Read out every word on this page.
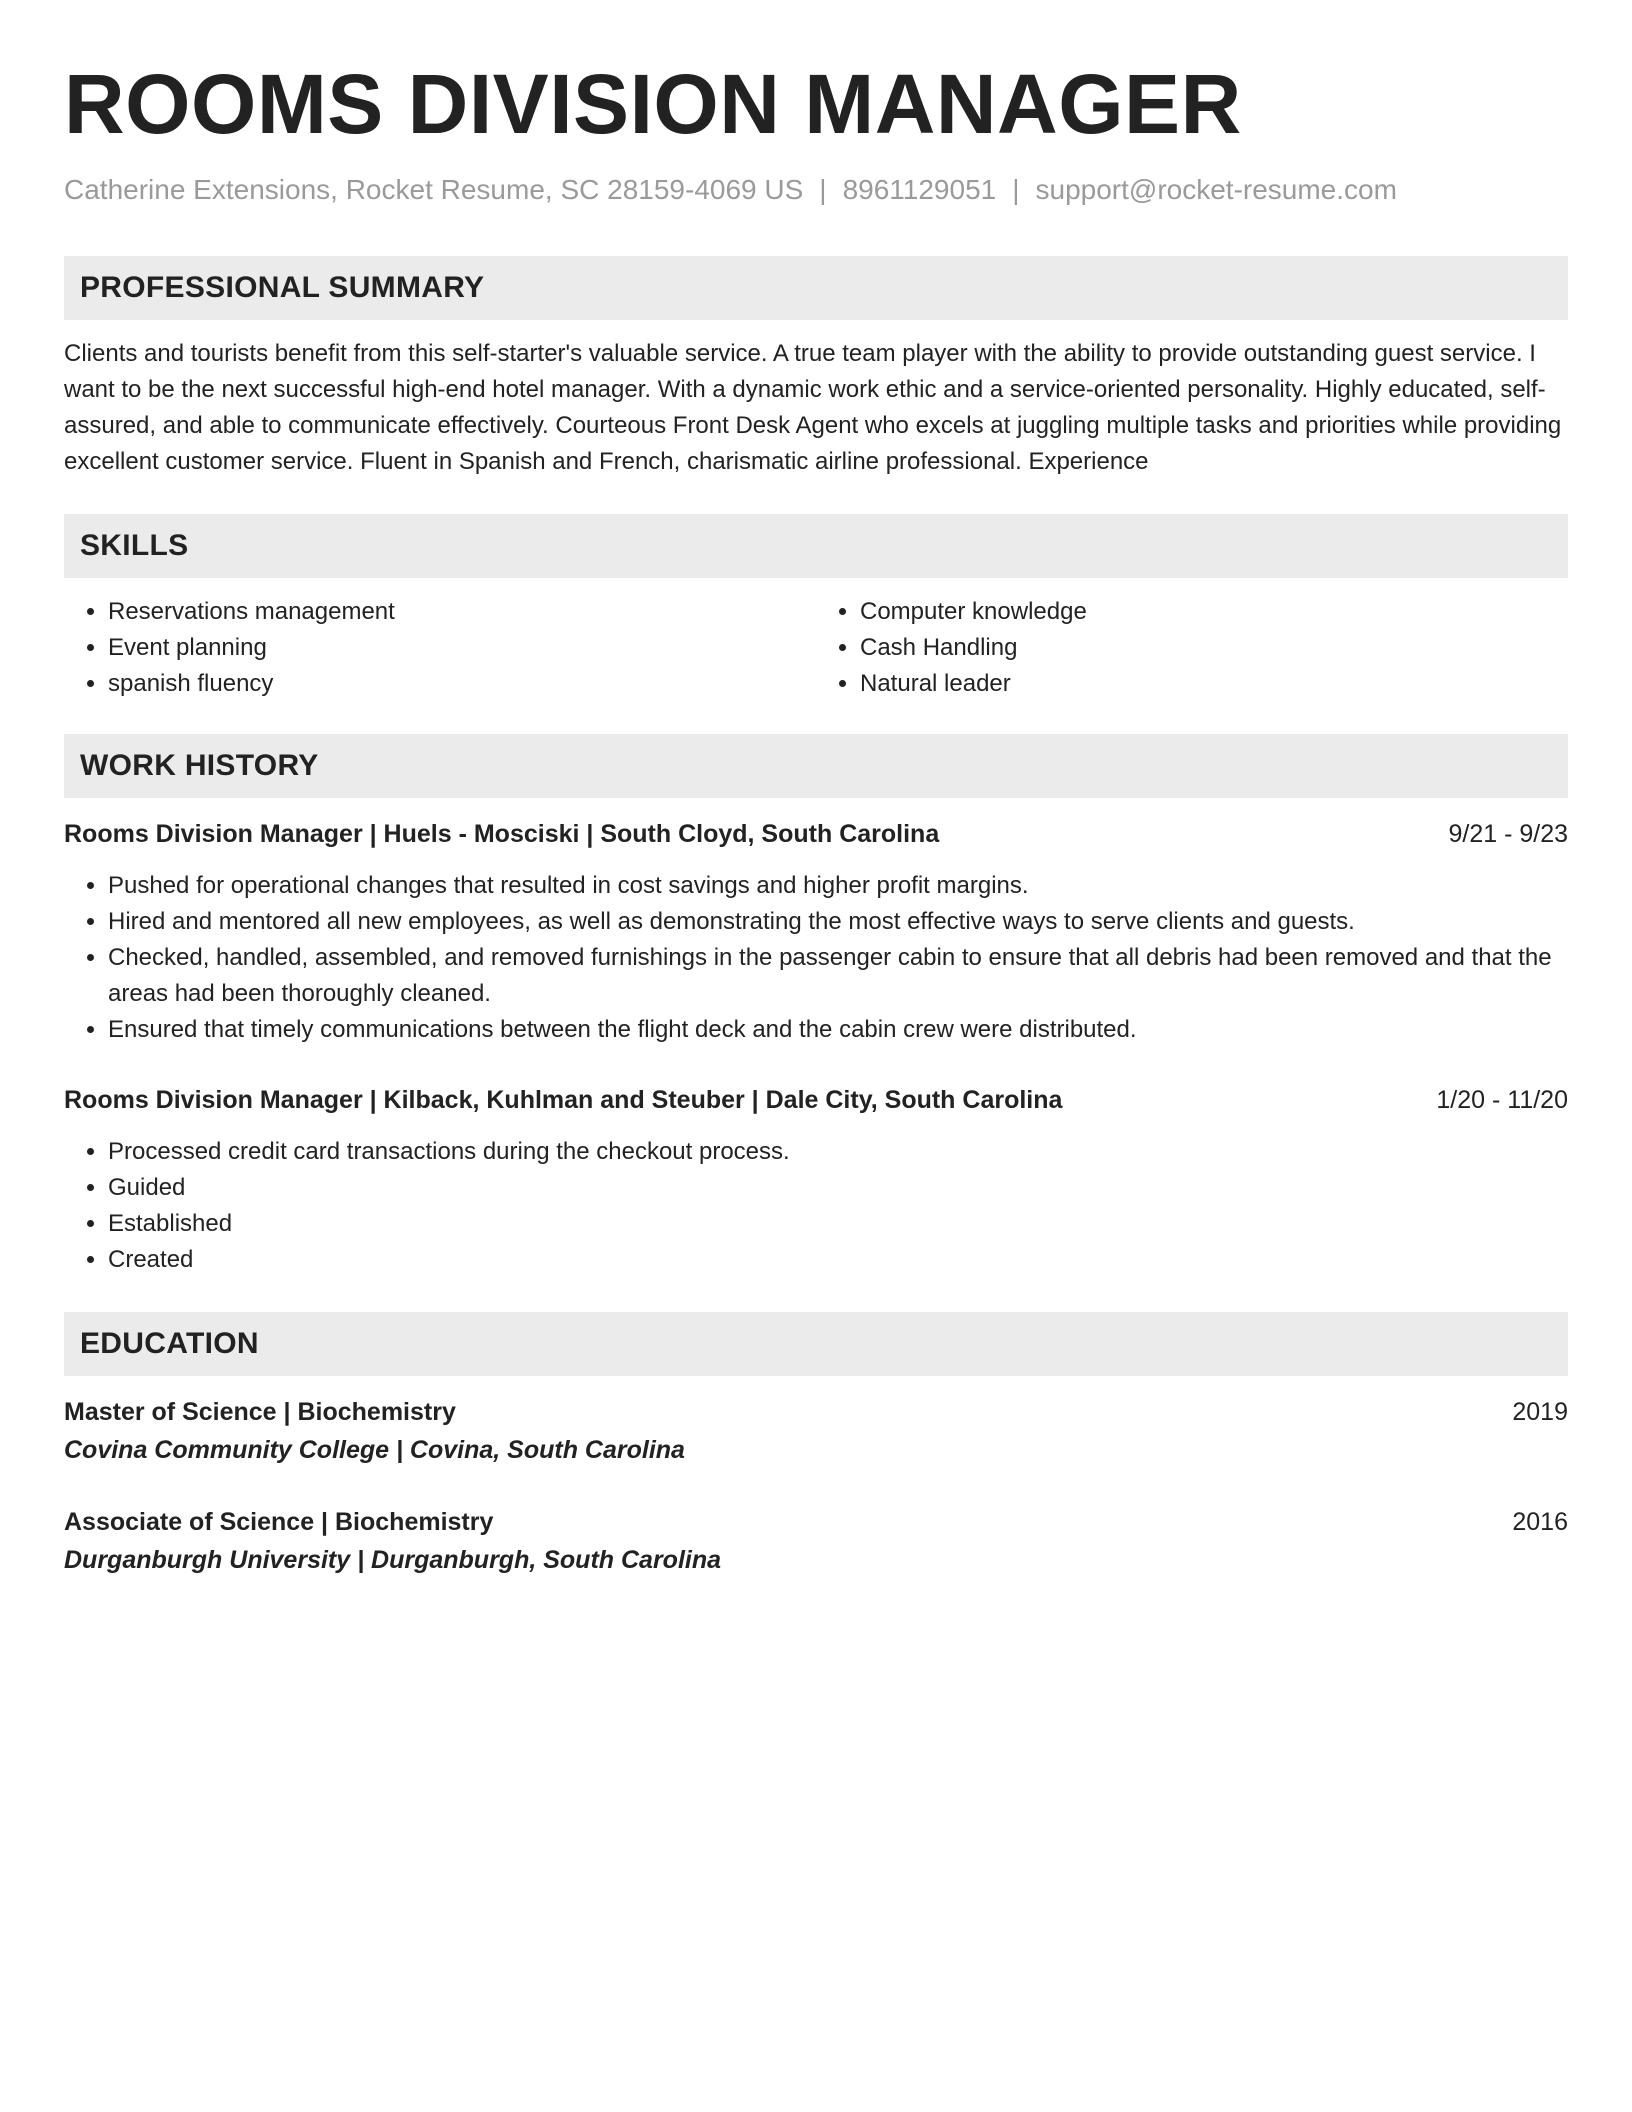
ROOMS DIVISION MANAGER
Catherine Extensions, Rocket Resume, SC 28159-4069 US | 8961129051 | support@rocket-resume.com
PROFESSIONAL SUMMARY

Clients and tourists benefit from this self-starter's valuable service. A true team player with the ability to provide outstanding guest service. I want to be the next successful high-end hotel manager. With a dynamic work ethic and a service-oriented personality. Highly educated, self-assured, and able to communicate effectively. Courteous Front Desk Agent who excels at juggling multiple tasks and priorities while providing excellent customer service. Fluent in Spanish and French, charismatic airline professional. Experience

SKILLS
• Reservations management
• Event planning
• spanish fluency
• Computer knowledge
• Cash Handling
• Natural leader
WORK HISTORY
Rooms Division Manager | Huels - Mosciski | South Cloyd, South Carolina	9/21 - 9/23
• Pushed for operational changes that resulted in cost savings and higher profit margins.
• Hired and mentored all new employees, as well as demonstrating the most effective ways to serve clients and guests.
• Checked, handled, assembled, and removed furnishings in the passenger cabin to ensure that all debris had been removed and that the areas had been thoroughly cleaned.
• Ensured that timely communications between the flight deck and the cabin crew were distributed.
Rooms Division Manager | Kilback, Kuhlman and Steuber | Dale City, South Carolina	1/20 - 11/20
• Processed credit card transactions during the checkout process.
• Guided
• Established
• Created
EDUCATION
Master of Science | Biochemistry	2019
Covina Community College | Covina, South Carolina
Associate of Science | Biochemistry	2016
Durganburgh University | Durganburgh, South Carolina
